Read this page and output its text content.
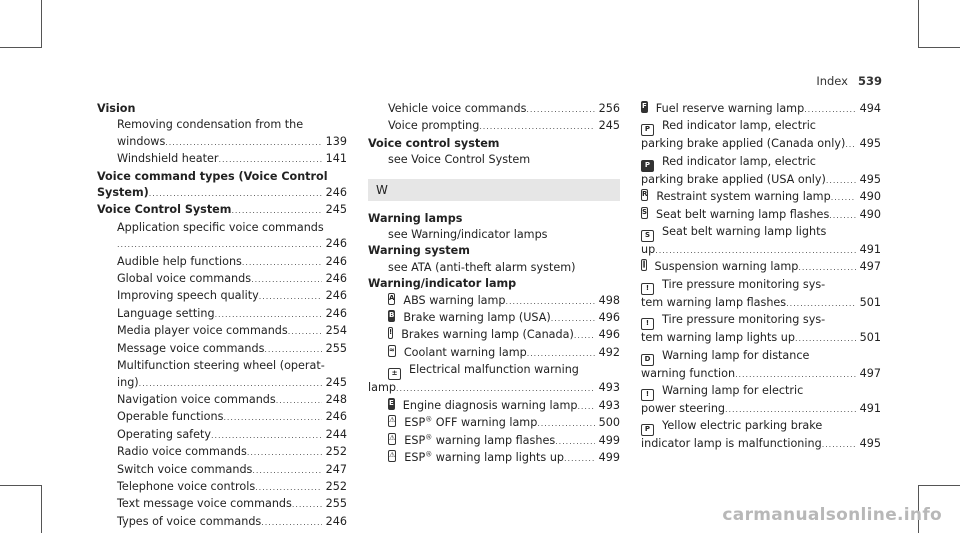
Index 539
Vision
Removing condensation from the
windows . . .	139
Windshield heater . . .	141
Voice command types (Voice Control
System) . . .	246
Voice Control System . . .	245
Application specific voice commands
. . .
246
Audible help functions . . .	246
Global voice commands . . .	246
Improving speech quality . . .	246
Language setting . . .	246
Media player voice commands . . .	254
Message voice commands . . .	255
Multifunction steering wheel (operat-
ing) . . .	245
Navigation voice commands . . .	248
Operable functions . . .	246
Operating safety . . .	244
Radio voice commands . . .	252
Switch voice commands . . .	247
Telephone voice controls . . .	252
Text message voice commands . . .	255
Types of voice commands . . .	246
Vehicle voice commands . . .	256
Voice prompting . . .	245
Voice control system
see Voice Control System
W
Warning lamps
see Warning/indicator lamps
Warning system
see ATA (anti-theft alarm system)
Warning/indicator lamp
A ABS warning lamp . . .	498
B Brake warning lamp (USA) . . .	496
! Brakes warning lamp (Canada) . . .	496
≈ Coolant warning lamp . . .	492
± Electrical malfunction warning
lamp . . .	493
E Engine diagnosis warning lamp . . .	493
⚠ ESP® OFF warning lamp . . .	500
⚠ ESP® warning lamp flashes . . .	499
⚠ ESP® warning lamp lights up . . .	499
F Fuel reserve warning lamp . . .	494
P Red indicator lamp, electric
parking brake applied (Canada only) . . .	495
P Red indicator lamp, electric
parking brake applied (USA only) . . .	495
R Restraint system warning lamp . . .	490
S Seat belt warning lamp flashes . . .	490
S Seat belt warning lamp lights
up . . .	491
‖ Suspension warning lamp . . .	497
! Tire pressure monitoring sys-
tem warning lamp flashes . . .	501
! Tire pressure monitoring sys-
tem warning lamp lights up . . .	501
D Warning lamp for distance
warning function . . .	497
! Warning lamp for electric
power steering . . .	491
P Yellow electric parking brake
indicator lamp is malfunctioning . . .	495
carmanualsonline.info
